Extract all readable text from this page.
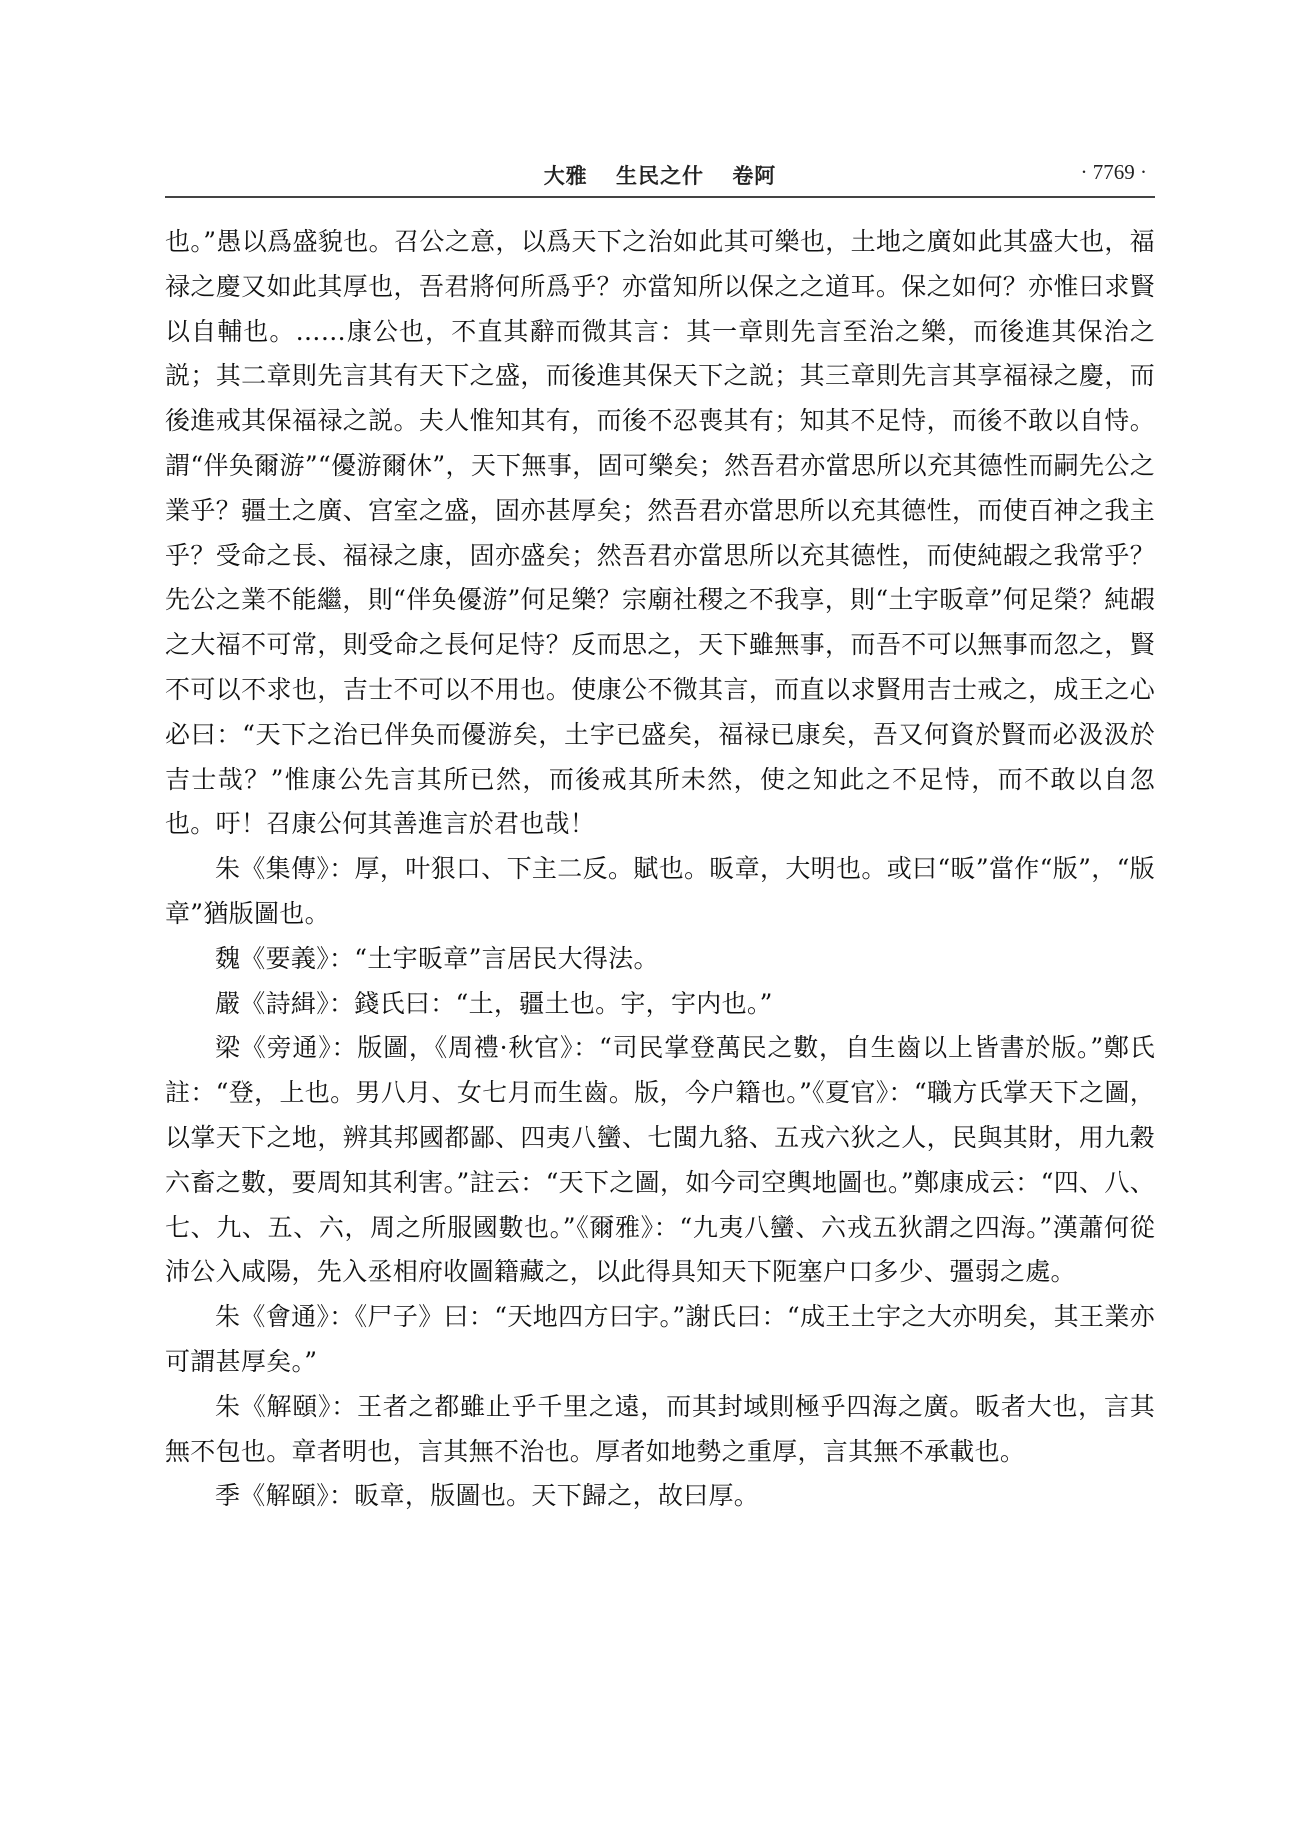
大雅 生民之什 卷阿	· 7769 ·

也。”愚以爲盛貌也。召公之意，以爲天下之治如此其可樂也，土地之廣如此其盛大也，福禄之慶又如此其厚也，吾君將何所爲乎？亦當知所以保之之道耳。保之如何？亦惟曰求賢以自輔也。……康公也，不直其辭而微其言：其一章則先言至治之樂，而後進其保治之説；其二章則先言其有天下之盛，而後進其保天下之説；其三章則先言其享福禄之慶，而後進戒其保福禄之説。夫人惟知其有，而後不忍喪其有；知其不足恃，而後不敢以自恃。謂“伴奂爾游”“優游爾休”，天下無事，固可樂矣；然吾君亦當思所以充其德性而嗣先公之業乎？疆土之廣、宫室之盛，固亦甚厚矣；然吾君亦當思所以充其德性，而使百神之我主乎？受命之長、福禄之康，固亦盛矣；然吾君亦當思所以充其德性，而使純嘏之我常乎？先公之業不能繼，則“伴奂優游”何足樂？宗廟社稷之不我享，則“土宇昄章”何足榮？純嘏之大福不可常，則受命之長何足恃？反而思之，天下雖無事，而吾不可以無事而忽之，賢不可以不求也，吉士不可以不用也。使康公不微其言，而直以求賢用吉士戒之，成王之心必曰：“天下之治已伴奂而優游矣，土宇已盛矣，福禄已康矣，吾又何資於賢而必汲汲於吉士哉？”惟康公先言其所已然，而後戒其所未然，使之知此之不足恃，而不敢以自忽也。吁！召康公何其善進言於君也哉！

朱《集傳》：厚，叶狠口、下主二反。賦也。昄章，大明也。或曰“昄”當作“版”，“版章”猶版圖也。

魏《要義》：“土宇昄章”言居民大得法。

嚴《詩緝》：錢氏曰：“土，疆土也。宇，宇内也。”

梁《旁通》：版圖，《周禮·秋官》：“司民掌登萬民之數，自生齒以上皆書於版。”鄭氏註：“登，上也。男八月、女七月而生齒。版，今户籍也。”《夏官》：“職方氏掌天下之圖，以掌天下之地，辨其邦國都鄙、四夷八蠻、七閩九貉、五戎六狄之人，民與其財，用九穀六畜之數，要周知其利害。”註云：“天下之圖，如今司空輿地圖也。”鄭康成云：“四、八、七、九、五、六，周之所服國數也。”《爾雅》：“九夷八蠻、六戎五狄謂之四海。”漢蕭何從沛公入咸陽，先入丞相府收圖籍藏之，以此得具知天下阨塞户口多少、彊弱之處。

朱《會通》：《尸子》曰：“天地四方曰宇。”謝氏曰：“成王土宇之大亦明矣，其王業亦可謂甚厚矣。”

朱《解頤》：王者之都雖止乎千里之遠，而其封域則極乎四海之廣。昄者大也，言其無不包也。章者明也，言其無不治也。厚者如地勢之重厚，言其無不承載也。

季《解頤》：昄章，版圖也。天下歸之，故曰厚。
